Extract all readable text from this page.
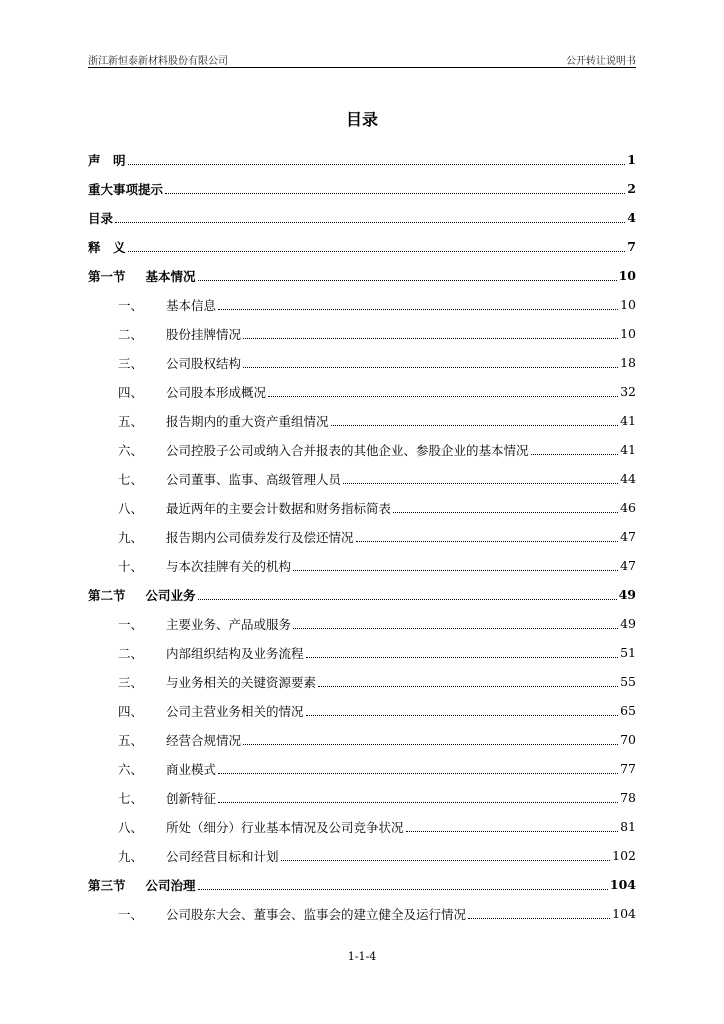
浙江新恒泰新材料股份有限公司	公开转让说明书
目录
声　明	1
重大事项提示	2
目录	4
释　义	7
第一节 基本情况	10
一、	基本信息	10
二、	股份挂牌情况	10
三、	公司股权结构	18
四、	公司股本形成概况	32
五、	报告期内的重大资产重组情况	41
六、	公司控股子公司或纳入合并报表的其他企业、参股企业的基本情况	41
七、	公司董事、监事、高级管理人员	44
八、	最近两年的主要会计数据和财务指标简表	46
九、	报告期内公司债券发行及偿还情况	47
十、	与本次挂牌有关的机构	47
第二节 公司业务	49
一、	主要业务、产品或服务	49
二、	内部组织结构及业务流程	51
三、	与业务相关的关键资源要素	55
四、	公司主营业务相关的情况	65
五、	经营合规情况	70
六、	商业模式	77
七、	创新特征	78
八、	所处（细分）行业基本情况及公司竞争状况	81
九、	公司经营目标和计划	102
第三节 公司治理	104
一、	公司股东大会、董事会、监事会的建立健全及运行情况	104
1-1-4
